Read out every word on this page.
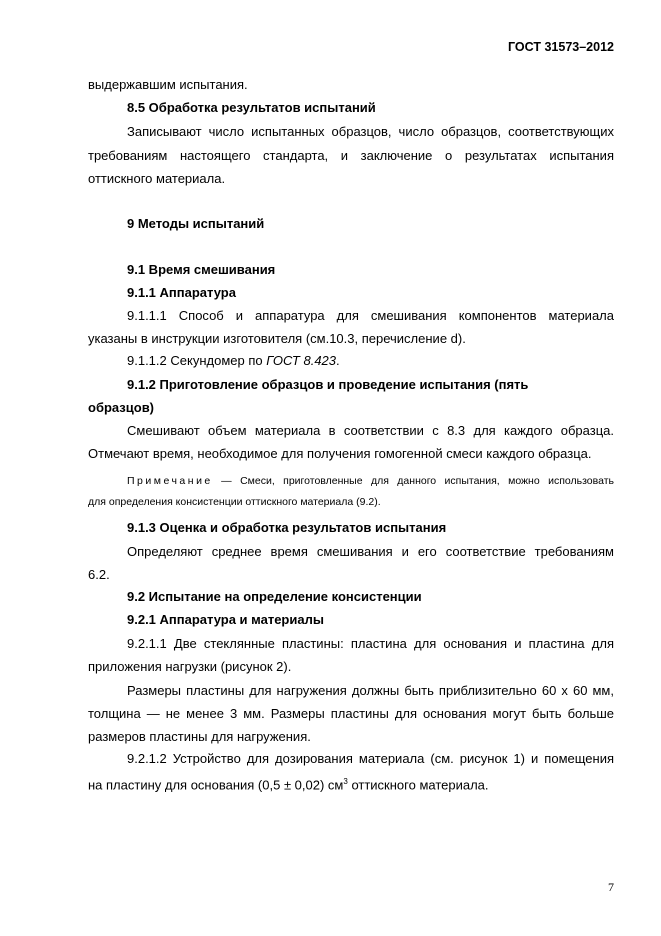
ГОСТ 31573–2012
выдержавшим испытания.
8.5 Обработка результатов испытаний
Записывают число испытанных образцов, число образцов, соответствующих
требованиям настоящего стандарта, и заключение о результатах испытания
оттискного материала.
9 Методы испытаний
9.1 Время смешивания
9.1.1 Аппаратура
9.1.1.1 Способ и аппаратура для смешивания компонентов материала
указаны в инструкции изготовителя (см.10.3, перечисление d).
9.1.1.2 Секундомер по ГОСТ 8.423.
9.1.2 Приготовление образцов и проведение испытания (пять
образцов)
Смешивают объем материала в соответствии с 8.3 для каждого образца.
Отмечают время, необходимое для получения гомогенной смеси каждого образца.
Примечание — Смеси, приготовленные для данного испытания, можно использовать
для определения консистенции оттискного материала (9.2).
9.1.3 Оценка и обработка результатов испытания
Определяют среднее время смешивания и его соответствие требованиям
6.2.
9.2 Испытание на определение консистенции
9.2.1 Аппаратура и материалы
9.2.1.1 Две стеклянные пластины: пластина для основания и пластина для
приложения нагрузки (рисунок 2).
Размеры пластины для нагружения должны быть приблизительно 60 x 60 мм,
толщина — не менее 3 мм. Размеры пластины для основания могут быть больше
размеров пластины для нагружения.
9.2.1.2 Устройство для дозирования материала (см. рисунок 1) и помещения
на пластину для основания (0,5 ± 0,02) $см^3$ оттискного материала.
7
